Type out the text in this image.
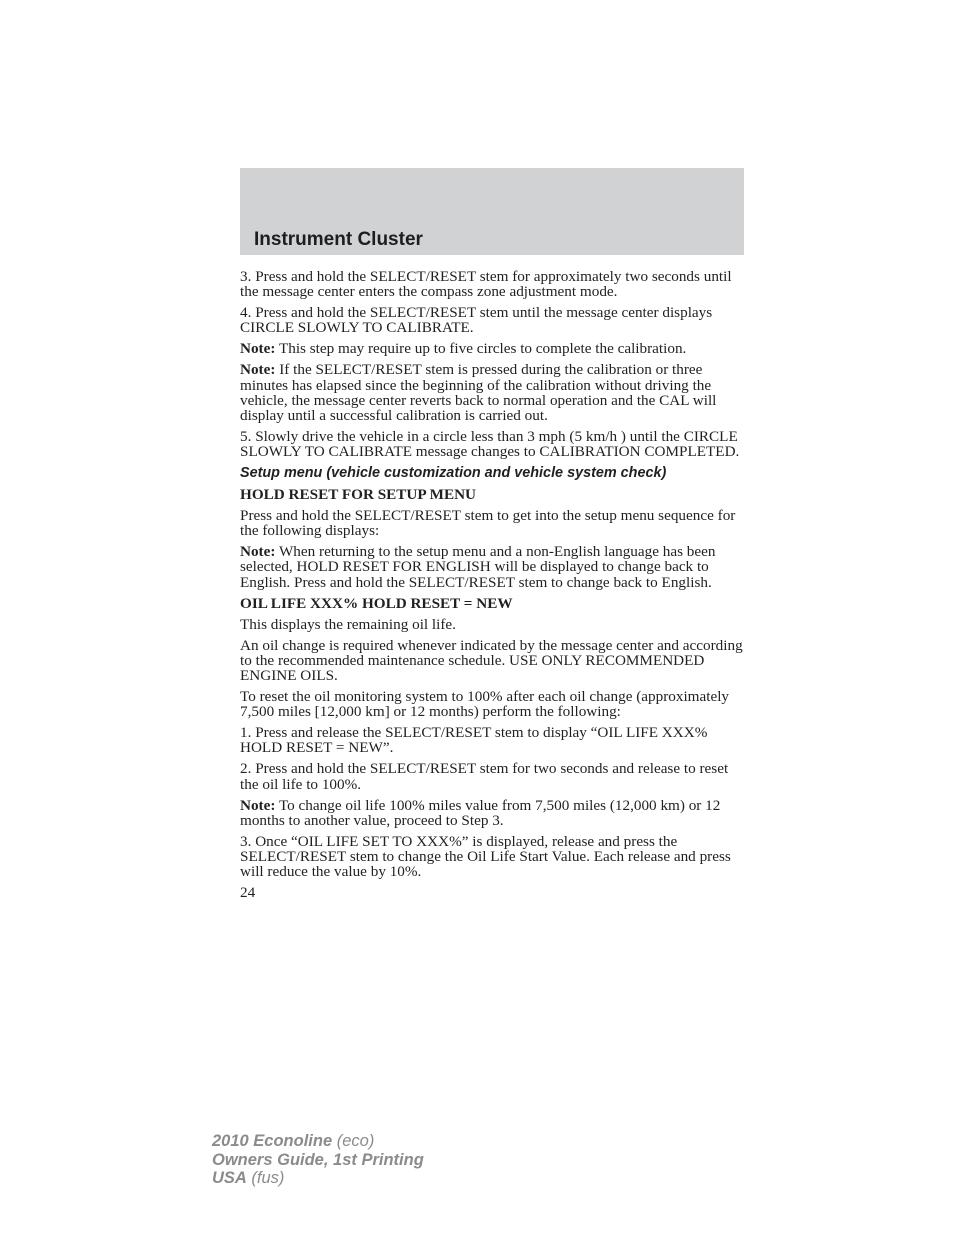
Instrument Cluster

3. Press and hold the SELECT/RESET stem for approximately two seconds until the message center enters the compass zone adjustment mode.

4. Press and hold the SELECT/RESET stem until the message center displays CIRCLE SLOWLY TO CALIBRATE.

Note: This step may require up to five circles to complete the calibration.

Note: If the SELECT/RESET stem is pressed during the calibration or three minutes has elapsed since the beginning of the calibration without driving the vehicle, the message center reverts back to normal operation and the CAL will display until a successful calibration is carried out.

5. Slowly drive the vehicle in a circle less than 3 mph (5 km/h ) until the CIRCLE SLOWLY TO CALIBRATE message changes to CALIBRATION COMPLETED.

Setup menu (vehicle customization and vehicle system check)

HOLD RESET FOR SETUP MENU

Press and hold the SELECT/RESET stem to get into the setup menu sequence for the following displays:

Note: When returning to the setup menu and a non-English language has been selected, HOLD RESET FOR ENGLISH will be displayed to change back to English. Press and hold the SELECT/RESET stem to change back to English.

OIL LIFE XXX% HOLD RESET = NEW

This displays the remaining oil life.

An oil change is required whenever indicated by the message center and according to the recommended maintenance schedule. USE ONLY RECOMMENDED ENGINE OILS.

To reset the oil monitoring system to 100% after each oil change (approximately 7,500 miles [12,000 km] or 12 months) perform the following:

1. Press and release the SELECT/RESET stem to display “OIL LIFE XXX% HOLD RESET = NEW”.

2. Press and hold the SELECT/RESET stem for two seconds and release to reset the oil life to 100%.

Note: To change oil life 100% miles value from 7,500 miles (12,000 km) or 12 months to another value, proceed to Step 3.

3. Once “OIL LIFE SET TO XXX%” is displayed, release and press the SELECT/RESET stem to change the Oil Life Start Value. Each release and press will reduce the value by 10%.

24

2010 Econoline (eco)
Owners Guide, 1st Printing
USA (fus)
